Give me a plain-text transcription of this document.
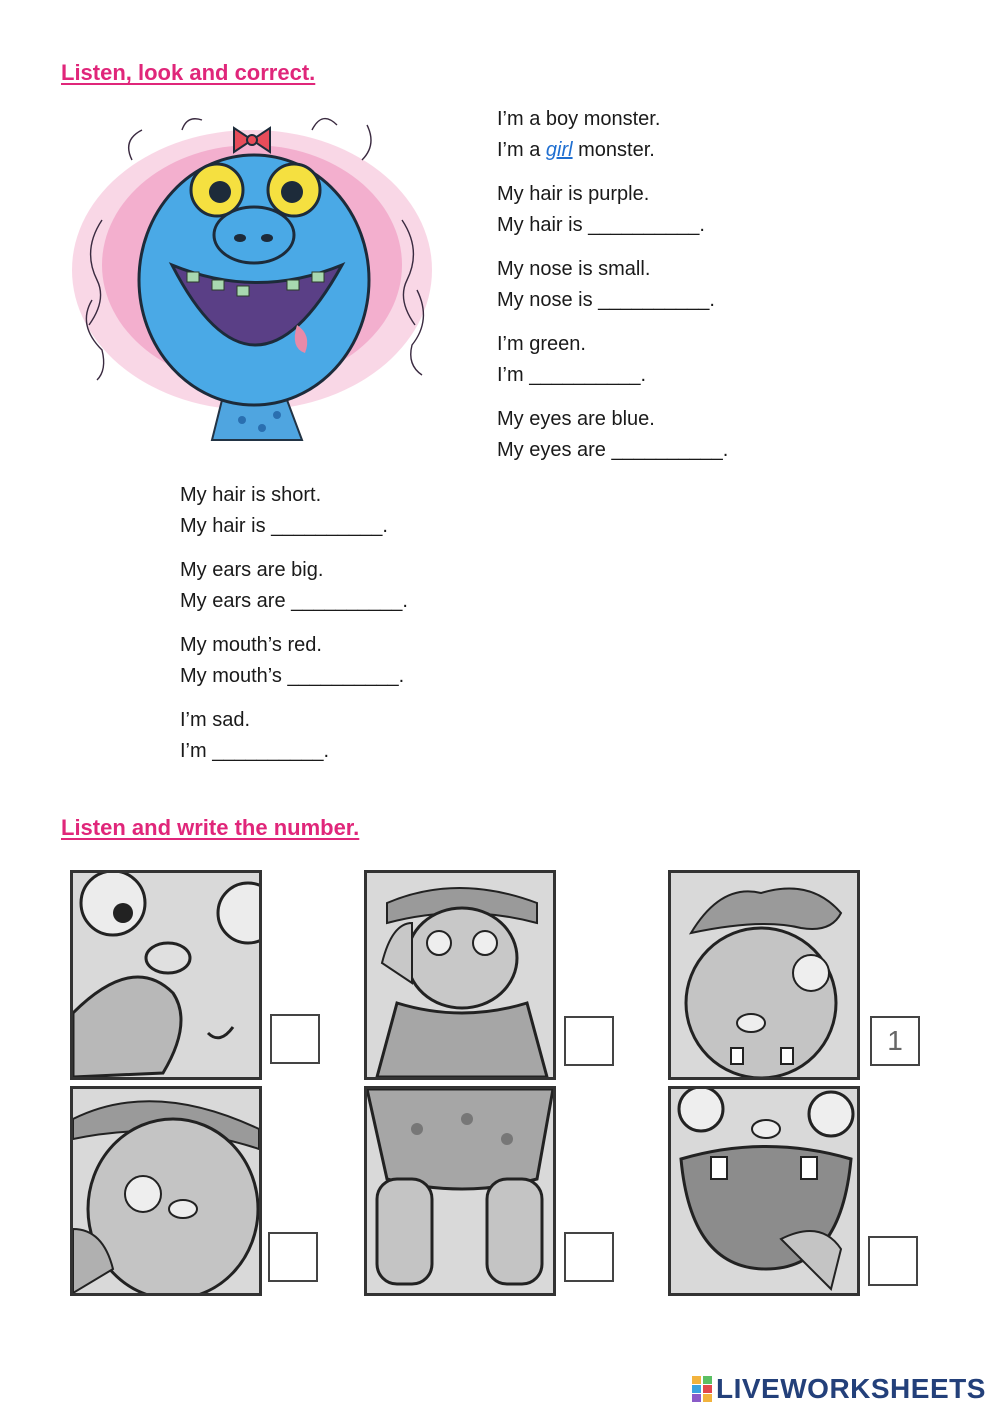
Listen, look and correct.
I’m a boy monster.
I’m a girl monster.
My hair is purple.
My hair is __________.
My nose is small.
My nose is __________.
I’m green.
I’m __________.
My eyes are blue.
My eyes are __________.
My hair is short.
My hair is __________.
My ears are big.
My ears are __________.
My mouth’s red.
My mouth’s __________.
I’m sad.
I’m __________.
Listen and write the number.
1
LIVEWORKSHEETS
